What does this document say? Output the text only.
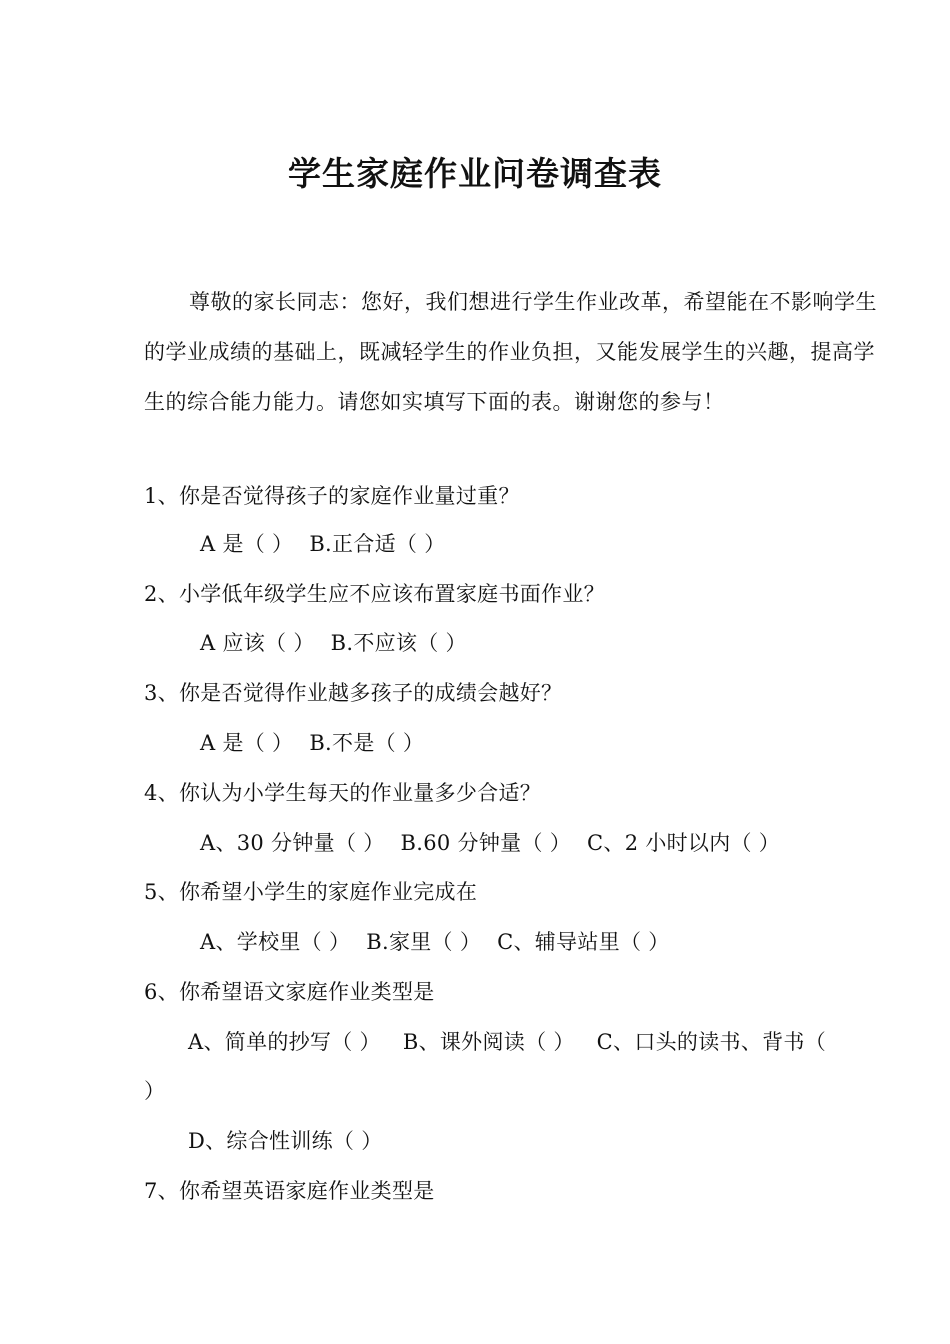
学生家庭作业问卷调查表
尊敬的家长同志：您好，我们想进行学生作业改革，希望能在不影响学生的学业成绩的基础上，既减轻学生的作业负担，又能发展学生的兴趣，提高学生的综合能力能力。请您如实填写下面的表。谢谢您的参与！
1、你是否觉得孩子的家庭作业量过重？
A 是（ ） B.正合适（ ）
2、小学低年级学生应不应该布置家庭书面作业？
A 应该（ ） B.不应该（ ）
3、你是否觉得作业越多孩子的成绩会越好？
A 是（ ） B.不是（ ）
4、你认为小学生每天的作业量多少合适？
A、30 分钟量（ ） B.60 分钟量（ ） C、2 小时以内（ ）
5、你希望小学生的家庭作业完成在
A、学校里（ ） B.家里（ ） C、辅导站里（ ）
6、你希望语文家庭作业类型是
A、简单的抄写（ ） B、课外阅读（ ） C、口头的读书、背书（
）
D、综合性训练（ ）
7、你希望英语家庭作业类型是
